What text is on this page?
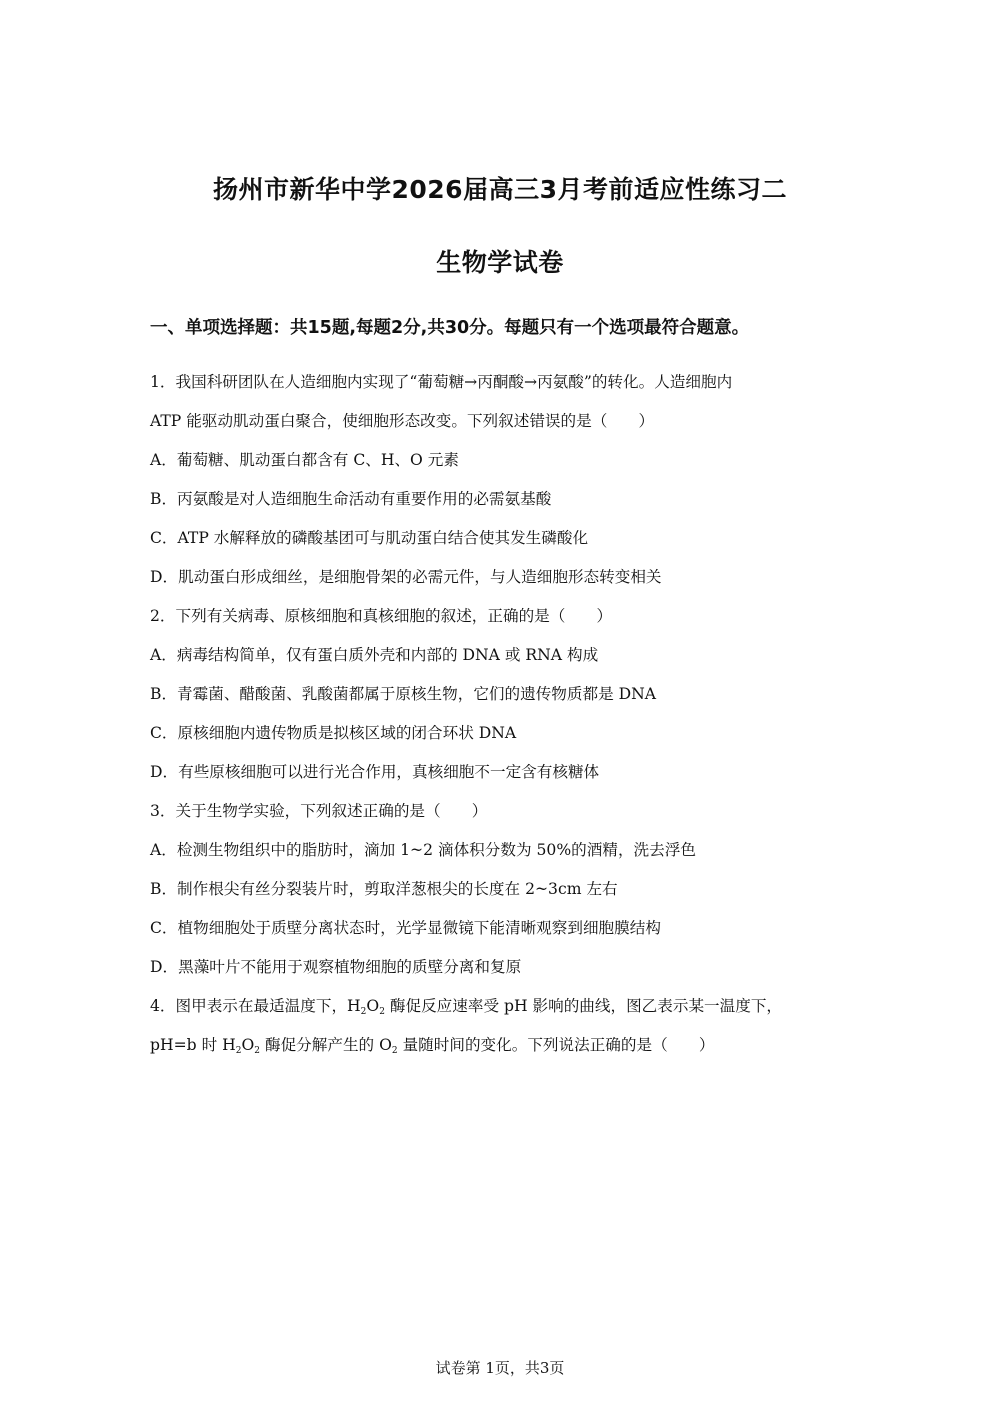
扬州市新华中学2026届高三3月考前适应性练习二
生物学试卷
一、单项选择题：共15题,每题2分,共30分。每题只有一个选项最符合题意。
1．我国科研团队在人造细胞内实现了“葡萄糖→丙酮酸→丙氨酸”的转化。人造细胞内
ATP 能驱动肌动蛋白聚合，使细胞形态改变。下列叙述错误的是（　　）
A．葡萄糖、肌动蛋白都含有 C、H、O 元素
B．丙氨酸是对人造细胞生命活动有重要作用的必需氨基酸
C．ATP 水解释放的磷酸基团可与肌动蛋白结合使其发生磷酸化
D．肌动蛋白形成细丝，是细胞骨架的必需元件，与人造细胞形态转变相关
2．下列有关病毒、原核细胞和真核细胞的叙述，正确的是（　　）
A．病毒结构简单，仅有蛋白质外壳和内部的 DNA 或 RNA 构成
B．青霉菌、醋酸菌、乳酸菌都属于原核生物，它们的遗传物质都是 DNA
C．原核细胞内遗传物质是拟核区域的闭合环状 DNA
D．有些原核细胞可以进行光合作用，真核细胞不一定含有核糖体
3．关于生物学实验，下列叙述正确的是（　　）
A．检测生物组织中的脂肪时，滴加 1~2 滴体积分数为 50%的酒精，洗去浮色
B．制作根尖有丝分裂装片时，剪取洋葱根尖的长度在 2~3cm 左右
C．植物细胞处于质壁分离状态时，光学显微镜下能清晰观察到细胞膜结构
D．黑藻叶片不能用于观察植物细胞的质壁分离和复原
4．图甲表示在最适温度下，$H_2O_2$ 酶促反应速率受 pH 影响的曲线，图乙表示某一温度下，
pH=b 时 $H_2O_2$ 酶促分解产生的 $O_2$ 量随时间的变化。下列说法正确的是（　　）
试卷第 1页，共3页
